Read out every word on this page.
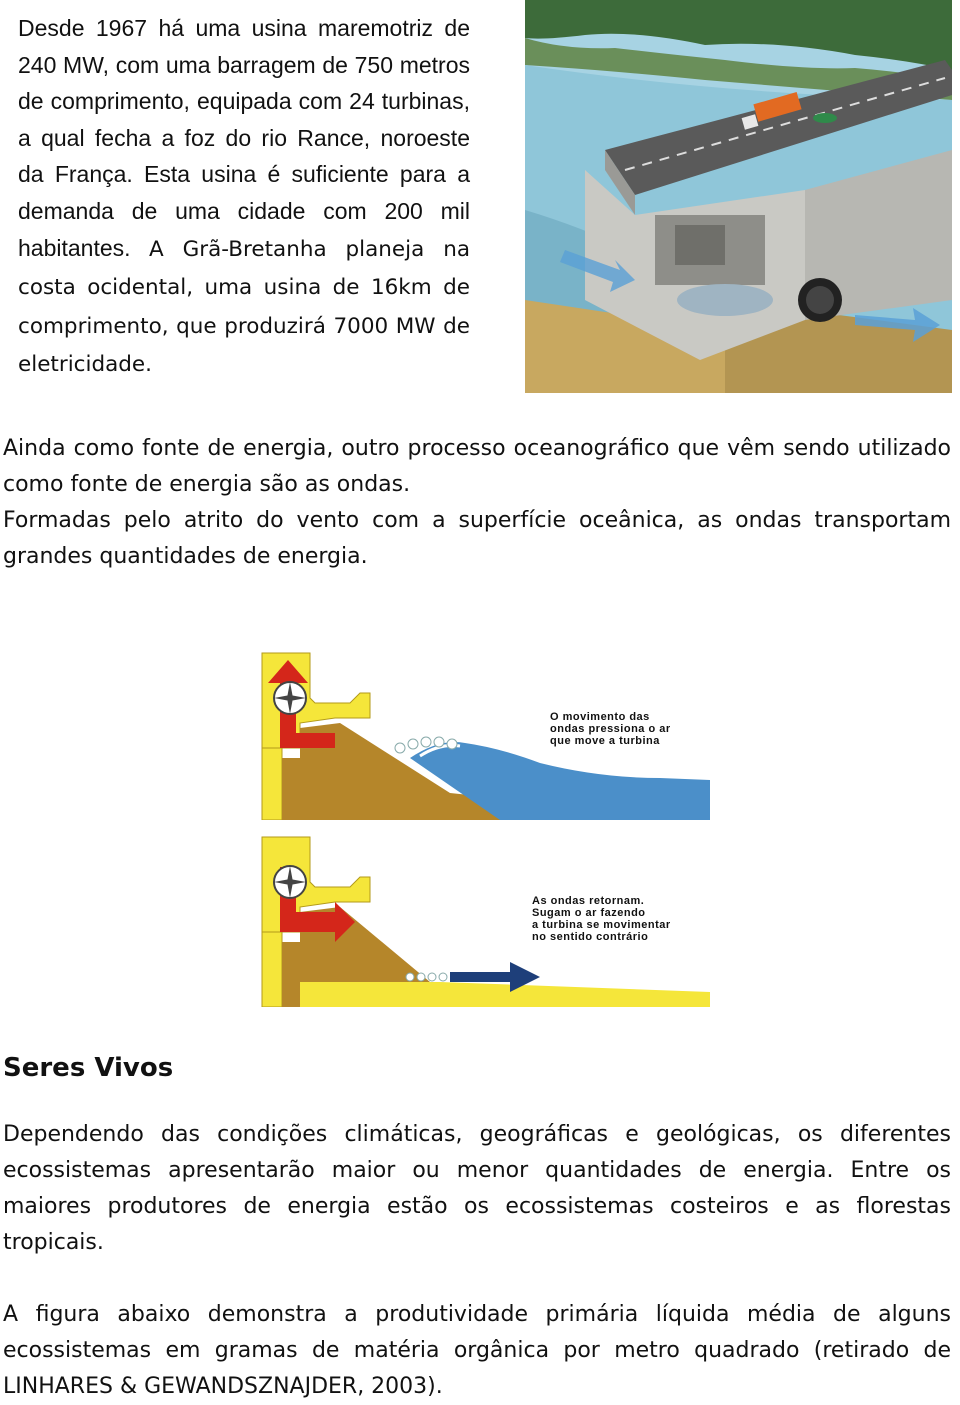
Desde 1967 há uma usina maremotriz de 240 MW, com uma barragem de 750 metros de comprimento, equipada com 24 turbinas, a qual fecha a foz do rio Rance, noroeste da França. Esta usina é suficiente para a demanda de uma cidade com 200 mil habitantes. A Grã-Bretanha planeja na costa ocidental, uma usina de 16km de comprimento, que produzirá 7000 MW de eletricidade.

Ainda como fonte de energia, outro processo oceanográfico que vêm sendo utilizado como fonte de energia são as ondas.

Formadas pelo atrito do vento com a superfície oceânica, as ondas transportam grandes quantidades de energia.

O movimento das
ondas pressiona o ar
que move a turbina
As ondas retornam.
Sugam o ar fazendo
a turbina se movimentar
no sentido contrário
Seres Vivos

Dependendo das condições climáticas, geográficas e geológicas, os diferentes ecossistemas apresentarão maior ou menor quantidades de energia. Entre os maiores produtores de energia estão os ecossistemas costeiros e as florestas tropicais.

A figura abaixo demonstra a produtividade primária líquida média de alguns ecossistemas em gramas de matéria orgânica por metro quadrado (retirado de LINHARES & GEWANDSZNAJDER, 2003).
